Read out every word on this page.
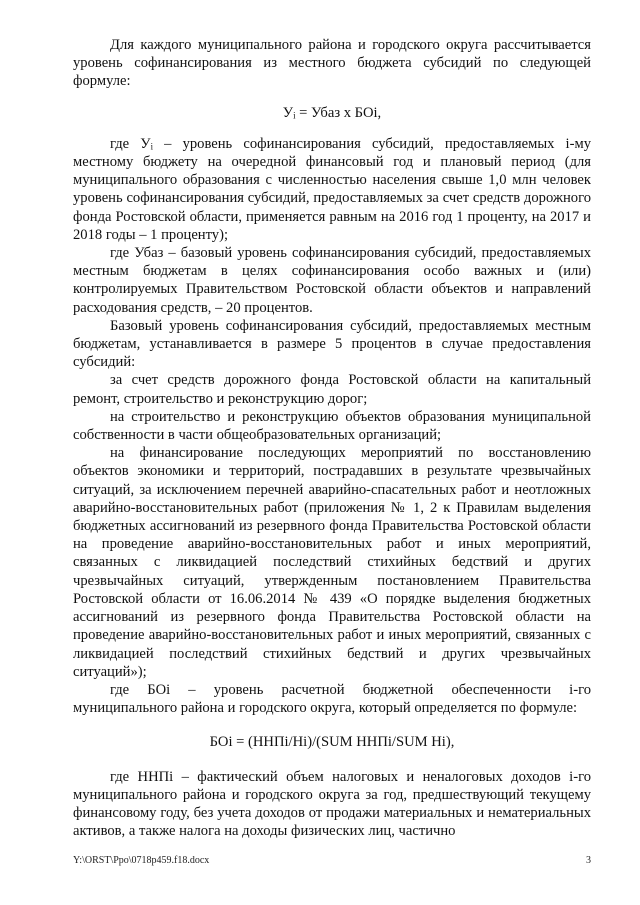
Для каждого муниципального района и городского округа рассчитывается уровень софинансирования из местного бюджета субсидий по следующей формуле:

Уᵢ = Убаз х БОi,

где Уᵢ – уровень софинансирования субсидий, предоставляемых i-му местному бюджету на очередной финансовый год и плановый период (для муниципального образования с численностью населения свыше 1,0 млн человек уровень софинансирования субсидий, предоставляемых за счет средств дорожного фонда Ростовской области, применяется равным на 2016 год 1 проценту, на 2017 и 2018 годы – 1 проценту);

где Убаз – базовый уровень софинансирования субсидий, предоставляемых местным бюджетам в целях софинансирования особо важных и (или) контролируемых Правительством Ростовской области объектов и направлений расходования средств, – 20 процентов.

Базовый уровень софинансирования субсидий, предоставляемых местным бюджетам, устанавливается в размере 5 процентов в случае предоставления субсидий:

за счет средств дорожного фонда Ростовской области на капитальный ремонт, строительство и реконструкцию дорог;

на строительство и реконструкцию объектов образования муниципальной собственности в части общеобразовательных организаций;

на финансирование последующих мероприятий по восстановлению объектов экономики и территорий, пострадавших в результате чрезвычайных ситуаций, за исключением перечней аварийно-спасательных работ и неотложных аварийно-восстановительных работ (приложения № 1, 2 к Правилам выделения бюджетных ассигнований из резервного фонда Правительства Ростовской области на проведение аварийно-восстановительных работ и иных мероприятий, связанных с ликвидацией последствий стихийных бедствий и других чрезвычайных ситуаций, утвержденным постановлением Правительства Ростовской области от 16.06.2014 № 439 «О порядке выделения бюджетных ассигнований из резервного фонда Правительства Ростовской области на проведение аварийно-восстановительных работ и иных мероприятий, связанных с ликвидацией последствий стихийных бедствий и других чрезвычайных ситуаций»);

где БОi – уровень расчетной бюджетной обеспеченности i-го муниципального района и городского округа, который определяется по формуле:

БОi = (ННПi/Нi)/(SUM ННПi/SUM Нi),

где ННПi – фактический объем налоговых и неналоговых доходов i-го муниципального района и городского округа за год, предшествующий текущему финансовому году, без учета доходов от продажи материальных и нематериальных активов, а также налога на доходы физических лиц, частично

Y:\ORST\Ppo\0718p459.f18.docx	3
